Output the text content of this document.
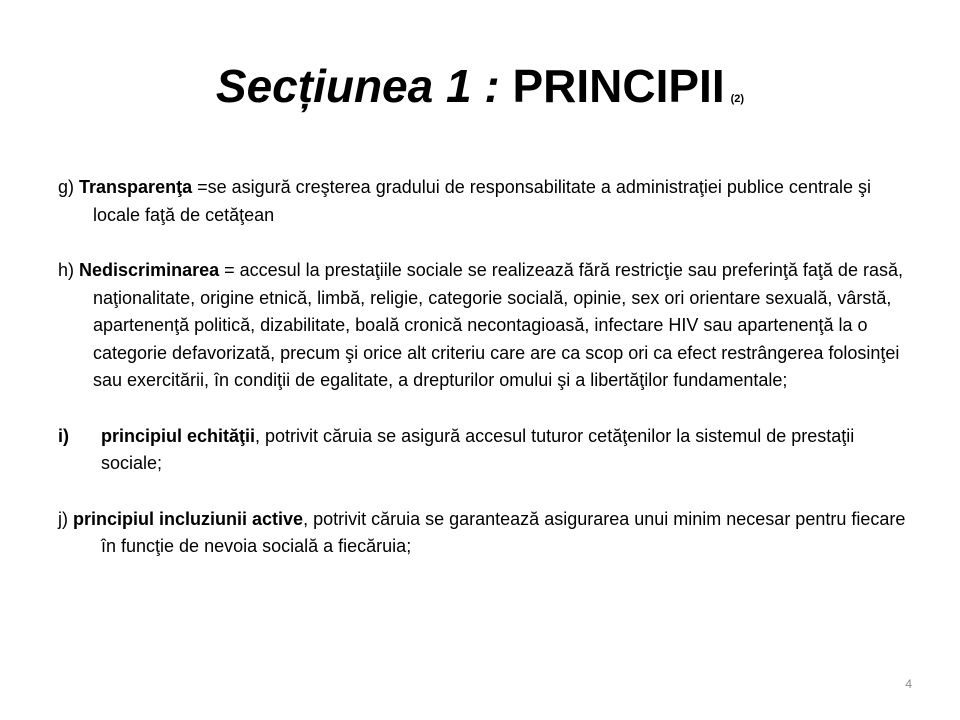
Secțiunea 1 : PRINCIPII (2)

g) Transparenţa =se asigură creşterea gradului de responsabilitate a administraţiei publice centrale şi locale faţă de cetăţean

h) Nediscriminarea = accesul la prestaţiile sociale se realizează fără restricţie sau preferinţă faţă de rasă, naţionalitate, origine etnică, limbă, religie, categorie socială, opinie, sex ori orientare sexuală, vârstă, apartenenţă politică, dizabilitate, boală cronică necontagioasă, infectare HIV sau apartenenţă la o categorie defavorizată, precum şi orice alt criteriu care are ca scop ori ca efect restrângerea folosinţei sau exercitării, în condiţii de egalitate, a drepturilor omului şi a libertăţilor fundamentale;

i) principiul echităţii, potrivit căruia se asigură accesul tuturor cetăţenilor la sistemul de prestaţii sociale;

j) principiul incluziunii active, potrivit căruia se garantează asigurarea unui minim necesar pentru fiecare în funcţie de nevoia socială a fiecăruia;

4
